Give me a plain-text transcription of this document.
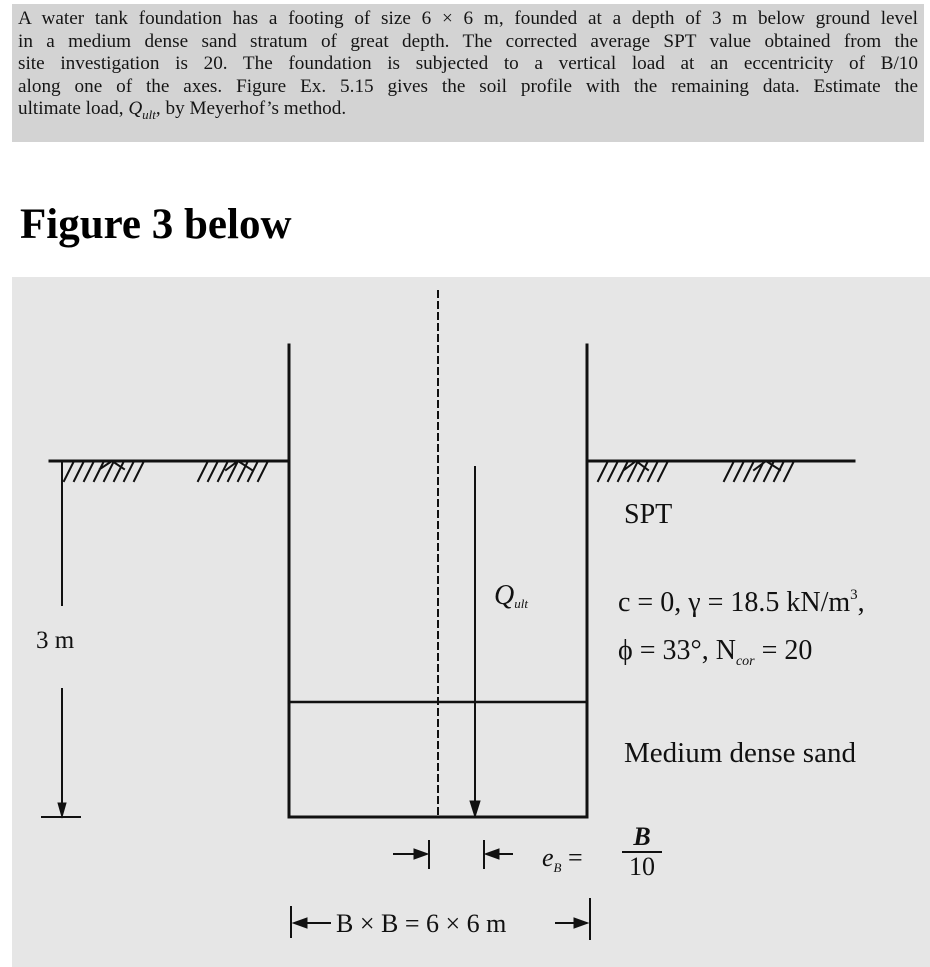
A water tank foundation has a footing of size 6 × 6 m, founded at a depth of 3 m below ground level
in a medium dense sand stratum of great depth. The corrected average SPT value obtained from the
site investigation is 20. The foundation is subjected to a vertical load at an eccentricity of B/10
along one of the axes. Figure Ex. 5.15 gives the soil profile with the remaining data. Estimate the
ultimate load, $Q_{ult}$, by Meyerhof’s method.
Figure 3 below
3 m
SPT
c = 0, γ = 18.5 $kN/m^3$,
ϕ = 33°, $N_{cor} = 20$
Medium dense sand
$Q_{ult}$
$e_B = \frac{B}{10}$
B × B = 6 × 6 m
